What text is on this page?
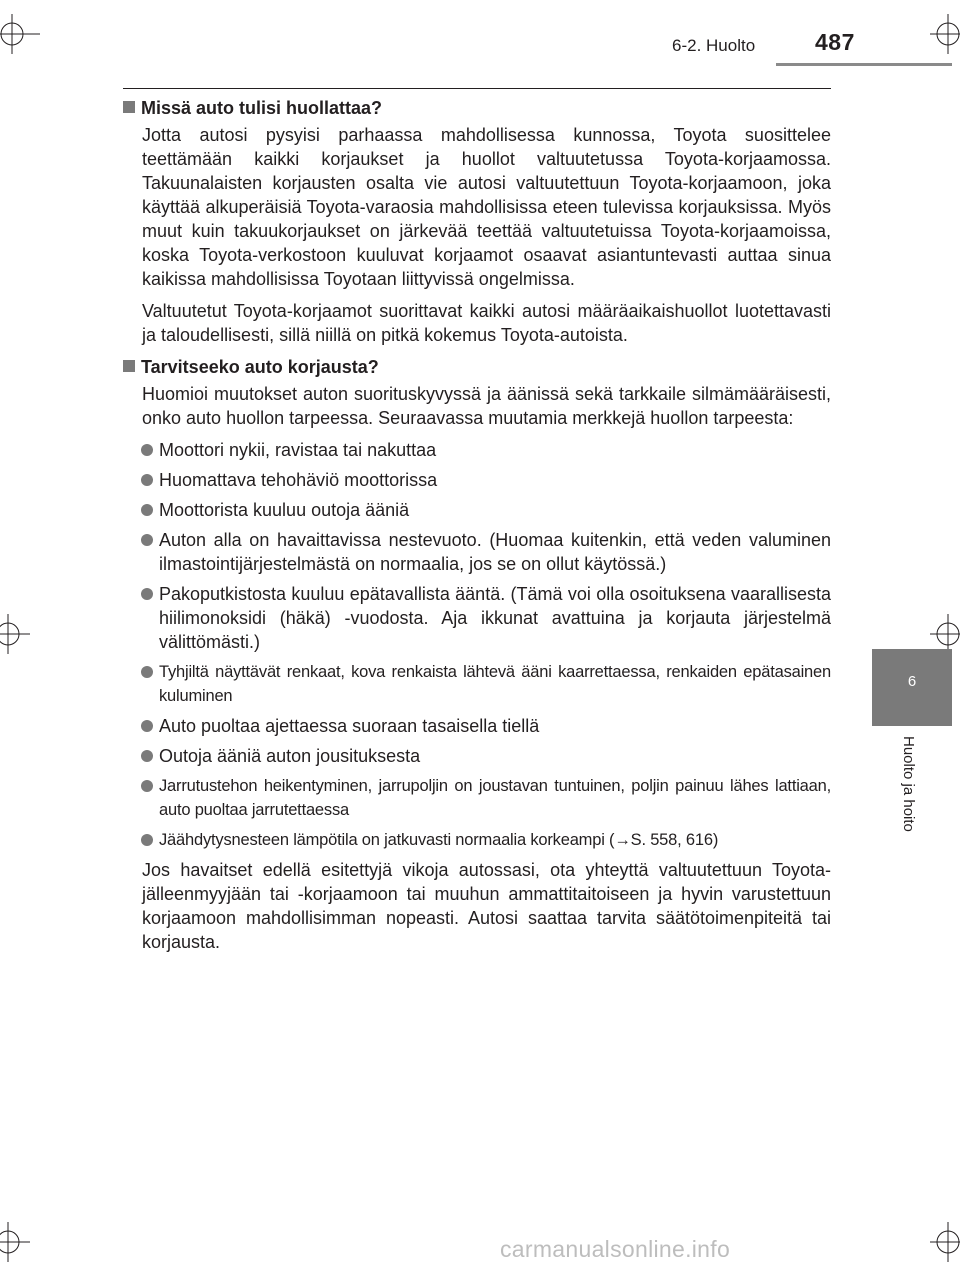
6-2. Huolto	487
6
Huolto ja hoito
Missä auto tulisi huollattaa?

Jotta autosi pysyisi parhaassa mahdollisessa kunnossa, Toyota suosittelee teettämään kaikki korjaukset ja huollot valtuutetussa Toyota-korjaamossa. Takuunalaisten korjausten osalta vie autosi valtuutettuun Toyota-korjaamoon, joka käyttää alkuperäisiä Toyota-varaosia mahdollisissa eteen tulevissa korjauksissa. Myös muut kuin takuukorjaukset on järkevää teettää valtuutetuissa Toyota-korjaamoissa, koska Toyota-verkostoon kuuluvat korjaamot osaavat asiantuntevasti auttaa sinua kaikissa mahdollisissa Toyotaan liittyvissä ongelmissa.

Valtuutetut Toyota-korjaamot suorittavat kaikki autosi määräaikaishuollot luotettavasti ja taloudellisesti, sillä niillä on pitkä kokemus Toyota-autoista.

Tarvitseeko auto korjausta?

Huomioi muutokset auton suorituskyvyssä ja äänissä sekä tarkkaile silmämääräisesti, onko auto huollon tarpeessa. Seuraavassa muutamia merkkejä huollon tarpeesta:

Moottori nykii, ravistaa tai nakuttaa
Huomattava tehohäviö moottorissa
Moottorista kuuluu outoja ääniä
Auton alla on havaittavissa nestevuoto. (Huomaa kuitenkin, että veden valuminen ilmastointijärjestelmästä on normaalia, jos se on ollut käytössä.)
Pakoputkistosta kuuluu epätavallista ääntä. (Tämä voi olla osoituksena vaarallisesta hiilimonoksidi (häkä) -vuodosta. Aja ikkunat avattuina ja korjauta järjestelmä välittömästi.)
Tyhjiltä näyttävät renkaat, kova renkaista lähtevä ääni kaarrettaessa, renkaiden epätasainen kuluminen
Auto puoltaa ajettaessa suoraan tasaisella tiellä
Outoja ääniä auton jousituksesta
Jarrutustehon heikentyminen, jarrupoljin on joustavan tuntuinen, poljin painuu lähes lattiaan, auto puoltaa jarrutettaessa
Jäähdytysnesteen lämpötila on jatkuvasti normaalia korkeampi (→S. 558, 616)

Jos havaitset edellä esitettyjä vikoja autossasi, ota yhteyttä valtuutettuun Toyota-jälleenmyyjään tai -korjaamoon tai muuhun ammattitaitoiseen ja hyvin varustettuun korjaamoon mahdollisimman nopeasti. Autosi saattaa tarvita säätötoimenpiteitä tai korjausta.

carmanualsonline.info
